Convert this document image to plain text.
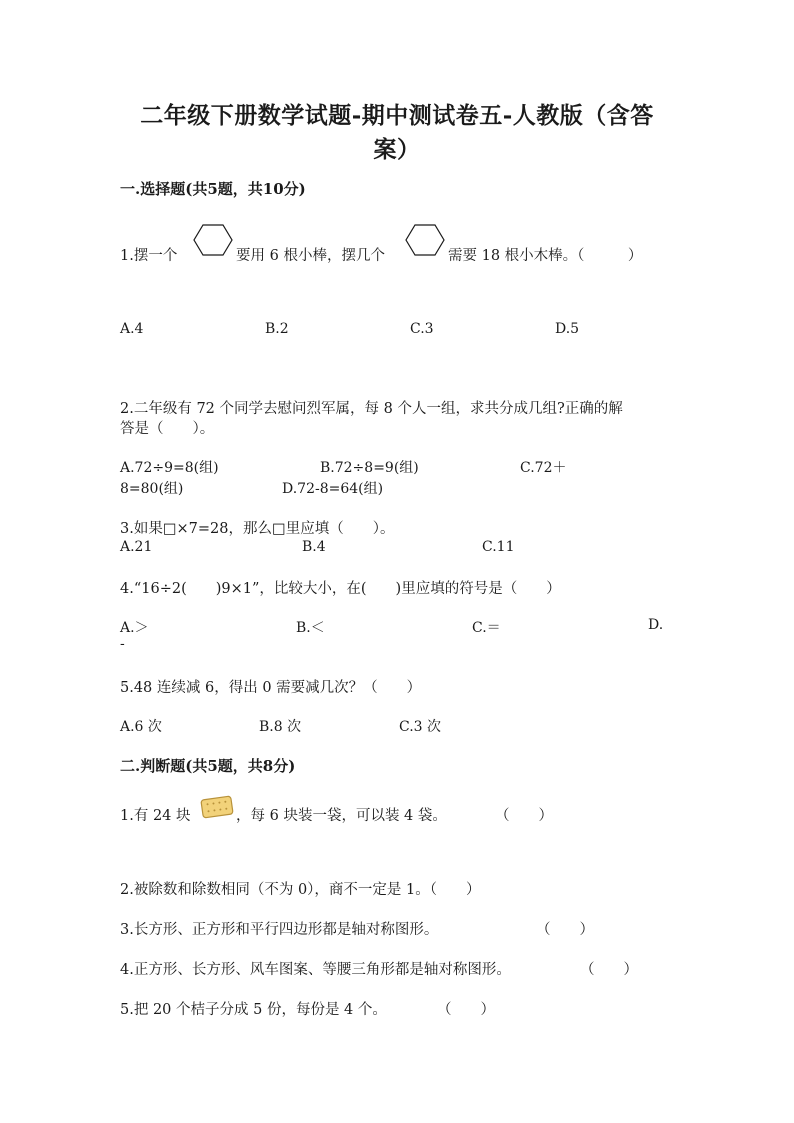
二年级下册数学试题-期中测试卷五-人教版（含答
案）
一.选择题(共5题，共10分)
1.摆一个	要用 6 根小棒，摆几个	需要 18 根小木棒。（　　　）
A.4	B.2	C.3	D.5
2.二年级有 72 个同学去慰问烈军属，每 8 个人一组，求共分成几组?正确的解
答是（　　）。
A.72÷9=8(组)	B.72÷8=9(组)	C.72＋
8=80(组)	D.72-8=64(组)
3.如果□×7=28，那么□里应填（　　）。
A.21	B.4	C.11
4.“16÷2(　　)9×1”，比较大小，在(　　)里应填的符号是（　　）
A.＞	B.＜	C.＝	D.
-
5.48 连续减 6，得出 0 需要减几次？（　　）
A.6 次	B.8 次	C.3 次
二.判断题(共5题，共8分)
1.有 24 块	，每 6 块装一袋，可以装 4 袋。	（　　）
2.被除数和除数相同（不为 0），商不一定是 1。（　　）
3.长方形、正方形和平行四边形都是轴对称图形。	（　　）
4.正方形、长方形、风车图案、等腰三角形都是轴对称图形。	（　　）
5.把 20 个桔子分成 5 份，每份是 4 个。	（　　）
